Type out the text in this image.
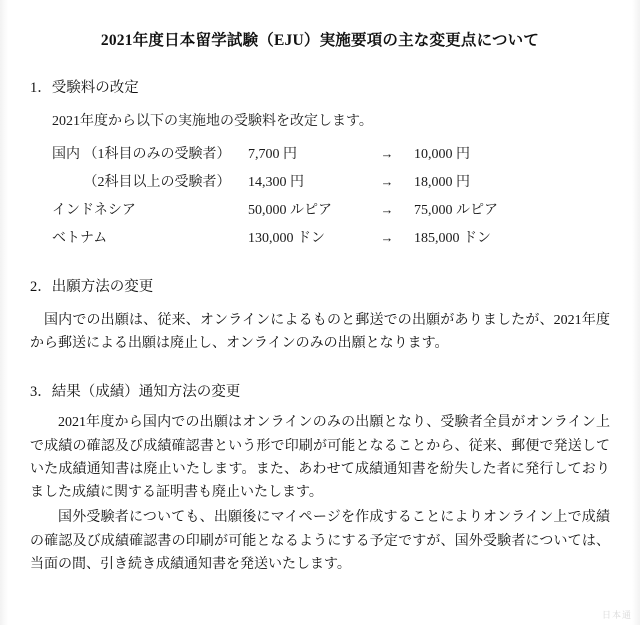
2021年度日本留学試験（EJU）実施要項の主な変更点について
1．受験料の改定
2021年度から以下の実施地の受験料を改定します。
国内 （1科目のみの受験者）	7,700 円	→	10,000 円
　　 （2科目以上の受験者）	14,300 円	→	18,000 円
インドネシア	50,000 ルピア	→	75,000 ルピア
ベトナム	130,000 ドン	→	185,000 ドン
2．出願方法の変更
国内での出願は、従来、オンラインによるものと郵送での出願がありましたが、2021年度から郵送による出願は廃止し、オンラインのみの出願となります。
3．結果（成績）通知方法の変更
2021年度から国内での出願はオンラインのみの出願となり、受験者全員がオンライン上で成績の確認及び成績確認書という形で印刷が可能となることから、従来、郵便で発送していた成績通知書は廃止いたします。また、あわせて成績通知書を紛失した者に発行しておりました成績に関する証明書も廃止いたします。
国外受験者についても、出願後にマイページを作成することによりオンライン上で成績の確認及び成績確認書の印刷が可能となるようにする予定ですが、国外受験者については、当面の間、引き続き成績通知書を発送いたします。
日本通
